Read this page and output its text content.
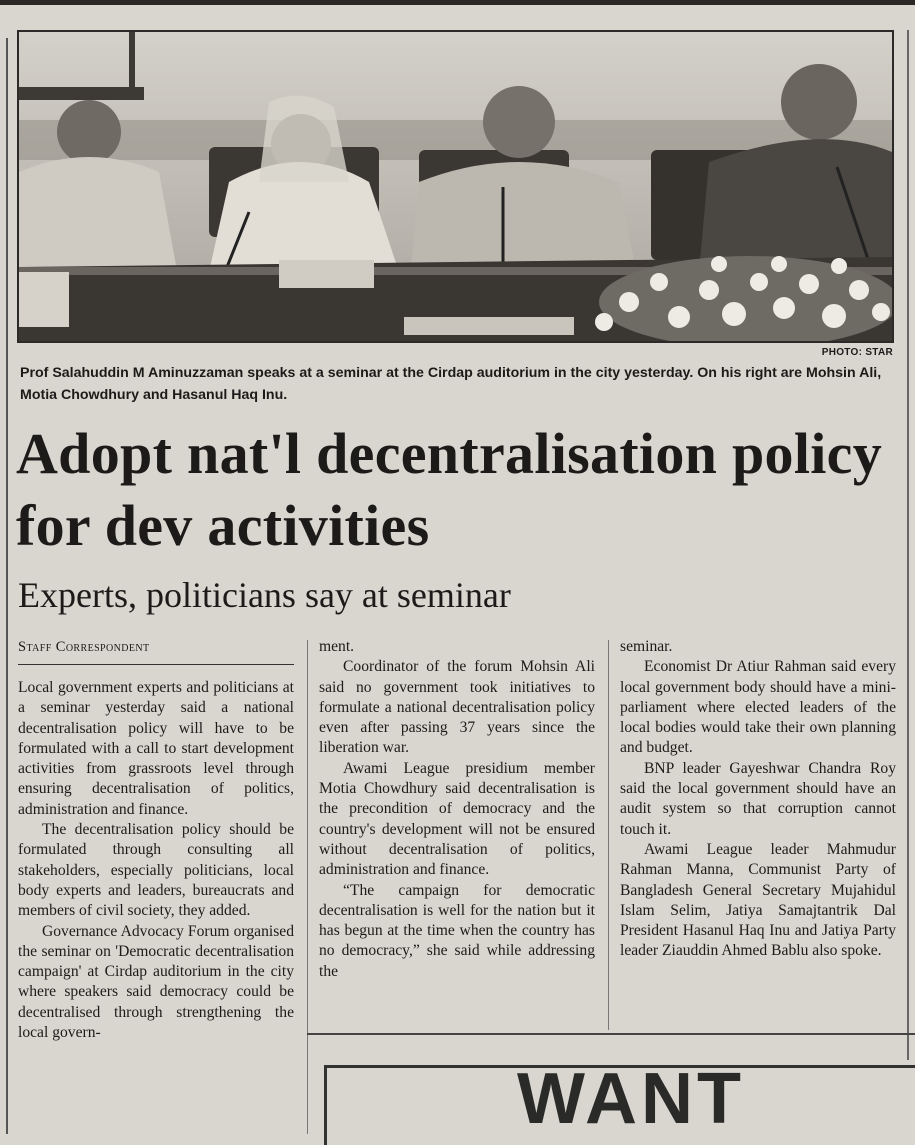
PHOTO: STAR
Prof Salahuddin M Aminuzzaman speaks at a seminar at the Cirdap auditorium in the city yesterday. On his right are Mohsin Ali, Motia Chowdhury and Hasanul Haq Inu.
Adopt nat'l decentralisation policy for dev activities
Experts, politicians say at seminar
Staff Correspondent

Local government experts and politicians at a seminar yesterday said a national decentralisation policy will have to be formulated with a call to start development activities from grassroots level through ensuring decentralisation of politics, administration and finance.

The decentralisation policy should be formulated through consulting all stakeholders, especially politicians, local body experts and leaders, bureaucrats and members of civil society, they added.

Governance Advocacy Forum organised the seminar on 'Democratic decentralisation campaign' at Cirdap auditorium in the city where speakers said democracy could be decentralised through strengthening the local govern-

ment.

Coordinator of the forum Mohsin Ali said no government took initiatives to formulate a national decentralisation policy even after passing 37 years since the liberation war.

Awami League presidium member Motia Chowdhury said decentralisation is the precondition of democracy and the country's development will not be ensured without decentralisation of politics, administration and finance.

“The campaign for democratic decentralisation is well for the nation but it has begun at the time when the country has no democracy,” she said while addressing the

seminar.

Economist Dr Atiur Rahman said every local government body should have a mini-parliament where elected leaders of the local bodies would take their own planning and budget.

BNP leader Gayeshwar Chandra Roy said the local government should have an audit system so that corruption cannot touch it.

Awami League leader Mahmudur Rahman Manna, Communist Party of Bangladesh General Secretary Mujahidul Islam Selim, Jatiya Samajtantrik Dal President Hasanul Haq Inu and Jatiya Party leader Ziauddin Ahmed Bablu also spoke.

WANT
